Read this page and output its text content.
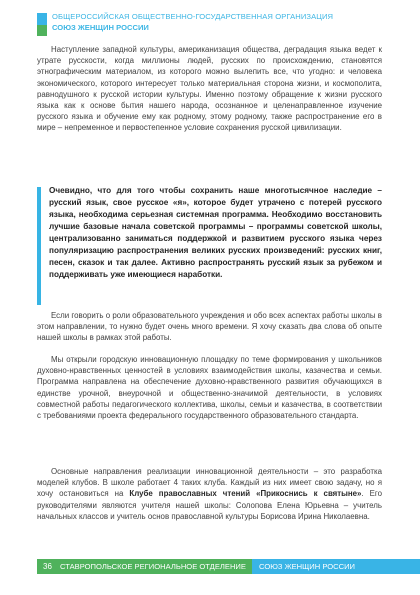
ОБЩЕРОССИЙСКАЯ ОБЩЕСТВЕННО-ГОСУДАРСТВЕННАЯ ОРГАНИЗАЦИЯ
СОЮЗ ЖЕНЩИН РОССИИ

Наступление западной культуры, американизация общества, деградация языка ведет к утрате русскости, когда миллионы людей, русских по происхождению, становятся этнографическим материалом, из которого можно вылепить все, что угодно: и человека экономического, которого интересует только материальная сторона жизни, и космополита, равнодушного к русской истории культуры. Именно поэтому обращение к жизни русского языка как к основе бытия нашего народа, осознанное и целенаправленное изучение русского языка и обучение ему как родному, этому родному, также распространение его в мире – непременное и первостепенное условие сохранения русской цивилизации.

Очевидно, что для того чтобы сохранить наше многотысячное наследие – русский язык, свое русское «я», которое будет утрачено с потерей русского языка, необходима серьезная системная программа. Необходимо восстановить лучшие базовые начала советской программы – программы советской школы, централизованно заниматься поддержкой и развитием русского языка через популяризацию распространения великих русских произведений: русских книг, песен, сказок и так далее. Активно распространять русский язык за рубежом и поддерживать уже имеющиеся наработки.

Если говорить о роли образовательного учреждения и обо всех аспектах работы школы в этом направлении, то нужно будет очень много времени. Я хочу сказать два слова об опыте нашей школы в рамках этой работы.

Мы открыли городскую инновационную площадку по теме формирования у школьников духовно-нравственных ценностей в условиях взаимодействия школы, казачества и семьи. Программа направлена на обеспечение духовно-нравственного развития обучающихся в единстве урочной, внеурочной и общественно-значимой деятельности, в условиях совместной работы педагогического коллектива, школы, семьи и казачества, в соответствии с требованиями проекта федерального государственного образовательного стандарта.

Основные направления реализации инновационной деятельности – это разработка моделей клубов. В школе работает 4 таких клуба. Каждый из них имеет свою задачу, но я хочу остановиться на Клубе православных чтений «Прикоснись к святыне». Его руководителями являются учителя нашей школы: Солопова Елена Юрьевна – учитель начальных классов и учитель основ православной культуры Борисова Ирина Николаевна.

36 СТАВРОПОЛЬСКОЕ РЕГИОНАЛЬНОЕ ОТДЕЛЕНИЕ СОЮЗ ЖЕНЩИН РОССИИ
